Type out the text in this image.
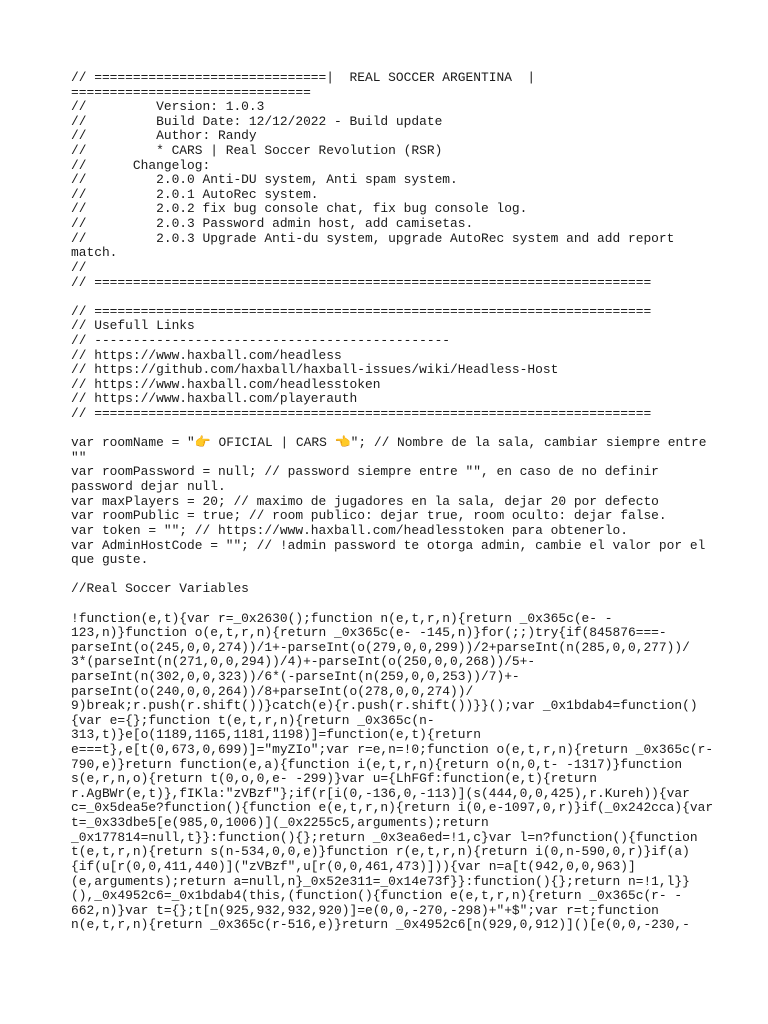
// ==============================|  REAL SOCCER ARGENTINA  |
===============================
//         Version: 1.0.3
//         Build Date: 12/12/2022 - Build update
//         Author: Randy
//         * CARS | Real Soccer Revolution (RSR)
//      Changelog:
//         2.0.0 Anti-DU system, Anti spam system.
//         2.0.1 AutoRec system.
//         2.0.2 fix bug console chat, fix bug console log.
//         2.0.3 Password admin host, add camisetas.
//         2.0.3 Upgrade Anti-du system, upgrade AutoRec system and add report
match.
//
// ========================================================================
// ========================================================================
// Usefull Links
// ----------------------------------------------
// https://www.haxball.com/headless
// https://github.com/haxball/haxball-issues/wiki/Headless-Host
// https://www.haxball.com/headlesstoken
// https://www.haxball.com/playerauth
// ========================================================================
var roomName = "👉 OFICIAL | CARS 👈"; // Nombre de la sala, cambiar siempre entre
""
var roomPassword = null; // password siempre entre "", en caso de no definir
password dejar null.
var maxPlayers = 20; // maximo de jugadores en la sala, dejar 20 por defecto
var roomPublic = true; // room publico: dejar true, room oculto: dejar false.
var token = ""; // https://www.haxball.com/headlesstoken para obtenerlo.
var AdminHostCode = ""; // !admin password te otorga admin, cambie el valor por el
que guste.
//Real Soccer Variables
!function(e,t){var r=_0x2630();function n(e,t,r,n){return _0x365c(e- -
123,n)}function o(e,t,r,n){return _0x365c(e- -145,n)}for(;;)try{if(845876===-
parseInt(o(245,0,0,274))/1+-parseInt(o(279,0,0,299))/2+parseInt(n(285,0,0,277))/
3*(parseInt(n(271,0,0,294))/4)+-parseInt(o(250,0,0,268))/5+-
parseInt(n(302,0,0,323))/6*(-parseInt(n(259,0,0,253))/7)+-
parseInt(o(240,0,0,264))/8+parseInt(o(278,0,0,274))/
9)break;r.push(r.shift())}catch(e){r.push(r.shift())}}();var _0x1bdab4=function()
{var e={};function t(e,t,r,n){return _0x365c(n-
313,t)}e[o(1189,1165,1181,1198)]=function(e,t){return
e===t},e[t(0,673,0,699)]="myZIo";var r=e,n=!0;function o(e,t,r,n){return _0x365c(r-
790,e)}return function(e,a){function i(e,t,r,n){return o(n,0,t- -1317)}function
s(e,r,n,o){return t(0,o,0,e- -299)}var u={LhFGf:function(e,t){return
r.AgBWr(e,t)},fIKla:"zVBzf"};if(r[i(0,-136,0,-113)](s(444,0,0,425),r.Kureh)){var
c=_0x5dea5e?function(){function e(e,t,r,n){return i(0,e-1097,0,r)}if(_0x242cca){var
t=_0x33dbe5[e(985,0,1006)](_0x2255c5,arguments);return
_0x177814=null,t}}:function(){};return _0x3ea6ed=!1,c}var l=n?function(){function
t(e,t,r,n){return s(n-534,0,0,e)}function r(e,t,r,n){return i(0,n-590,0,r)}if(a)
{if(u[r(0,0,411,440)]("zVBzf",u[r(0,0,461,473)])){var n=a[t(942,0,0,963)]
(e,arguments);return a=null,n}_0x52e311=_0x14e73f}}:function(){};return n=!1,l}}
(),_0x4952c6=_0x1bdab4(this,(function(){function e(e,t,r,n){return _0x365c(r- -
662,n)}var t={};t[n(925,932,932,920)]=e(0,0,-270,-298)+"+$";var r=t;function
n(e,t,r,n){return _0x365c(r-516,e)}return _0x4952c6[n(929,0,912)]()[e(0,0,-230,-
